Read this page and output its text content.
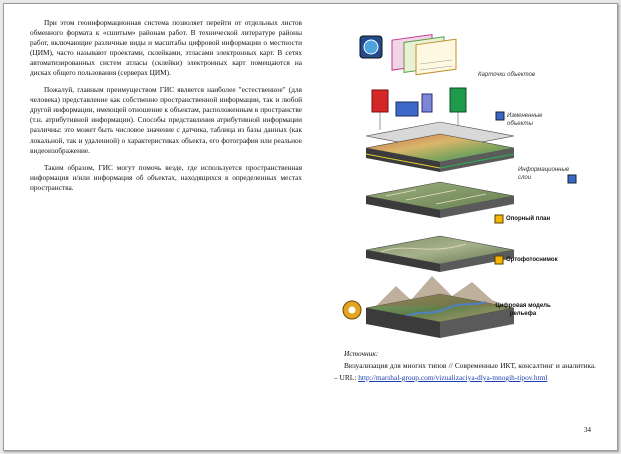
При этом геоинформационная система позволяет перейти от отдельных листов обменного формата к «сшитым» районам работ. В технической литературе районы работ, включающие различные виды и масштабы цифровой информации о местности (ЦИМ), часто называют проектами, склейками, этласами электронных карт. В сетях автоматизированных систем атласы (склейки) электронных карт помещаются на дисках общего пользования (серверах ЦИМ).

Пожалуй, главным преимуществом ГИС является наиболее "естественное" (для человека) представление как собственно пространственной информации, так и любой другой информации, имеющей отношение к объектам, расположенным в пространстве (т.н. атрибутивной информации). Способы представления атрибутивной информации различны: это может быть числовое значение с датчика, таблица из базы данных (как локальной, так и удаленной) о характеристиках объекта, его фотография или реальное видеоизображение.

Таким образом, ГИС могут помочь везде, где используется пространственная информация и/или информация об объектах, находящихся в определенных местах пространства.

Карточки объектов
Измененные объекты
Информационные слои
Опорный план
Ортофотоснимок
Цифровая модель рельефа
Источник:
Визуализация для многих типов // Современные ИКТ, консалтинг и аналитика. – URL: http://marshal-group.com/vizualizaciya-dlya-mnogih-tipov.html
34
